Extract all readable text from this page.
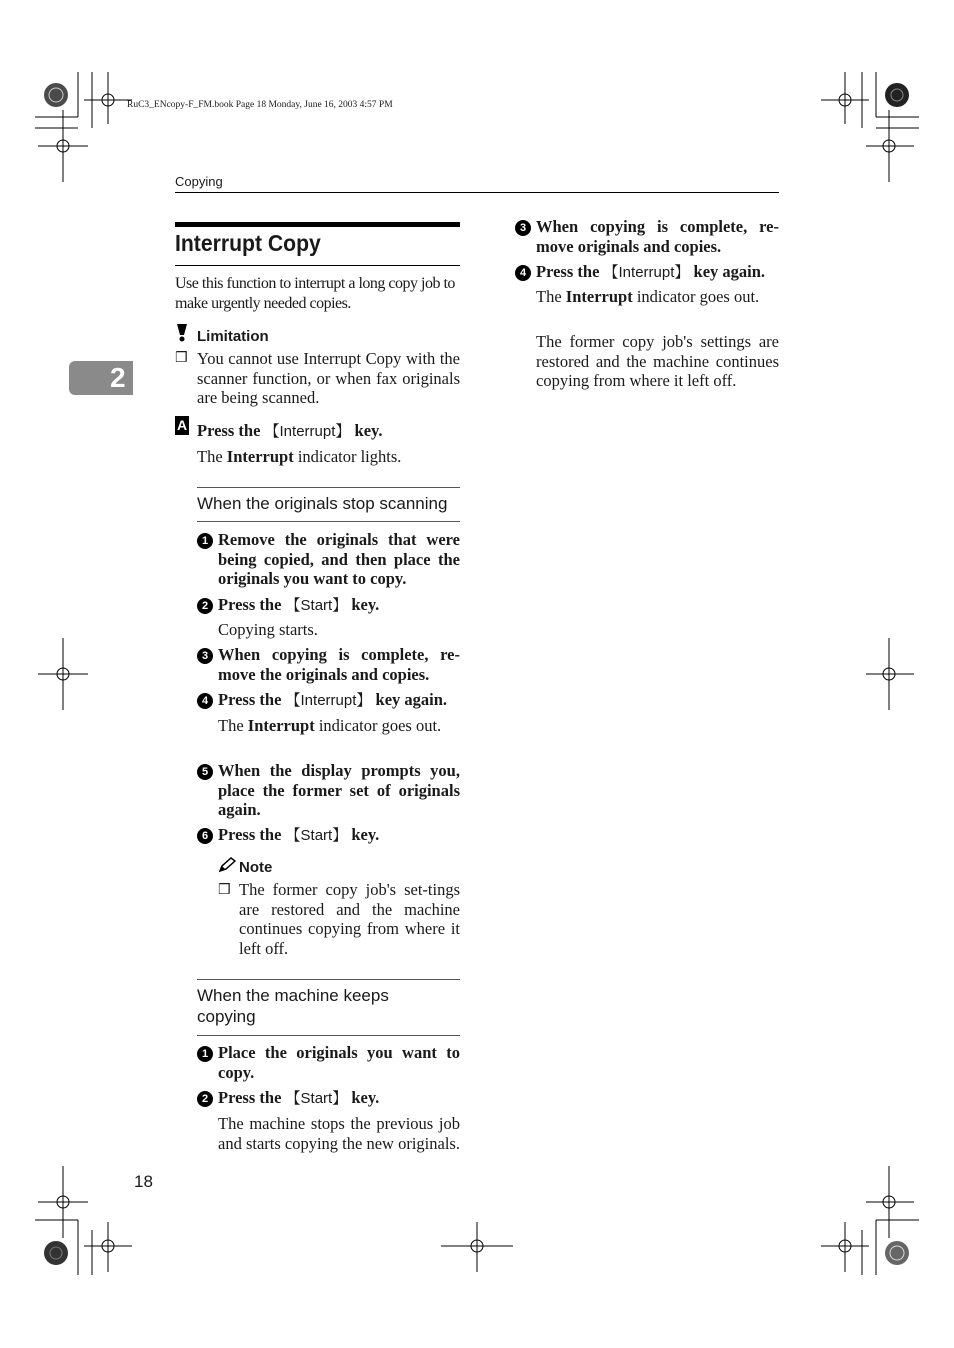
RuC3_ENcopy-F_FM.book Page 18 Monday, June 16, 2003 4:57 PM
Copying
2
Interrupt Copy
Use this function to interrupt a long copy job to make urgently needed copies.
Limitation
❒ You cannot use Interrupt Copy with the scanner function, or when fax originals are being scanned.
A Press the 【Interrupt】 key.
The Interrupt indicator lights.
When the originals stop scanning
1 Remove the originals that were being copied, and then place the originals you want to copy.
2 Press the 【Start】 key.
Copying starts.
3 When copying is complete, re-move the originals and copies.
4 Press the 【Interrupt】 key again.
The Interrupt indicator goes out.
5 When the display prompts you, place the former set of originals again.
6 Press the 【Start】 key.
Note
❒ The former copy job's set-tings are restored and the machine continues copying from where it left off.
When the machine keeps copying
1 Place the originals you want to copy.
2 Press the 【Start】 key.
The machine stops the previous job and starts copying the new originals.
3 When copying is complete, re-move originals and copies.
4 Press the 【Interrupt】 key again.
The Interrupt indicator goes out.
The former copy job's settings are restored and the machine continues copying from where it left off.
18
